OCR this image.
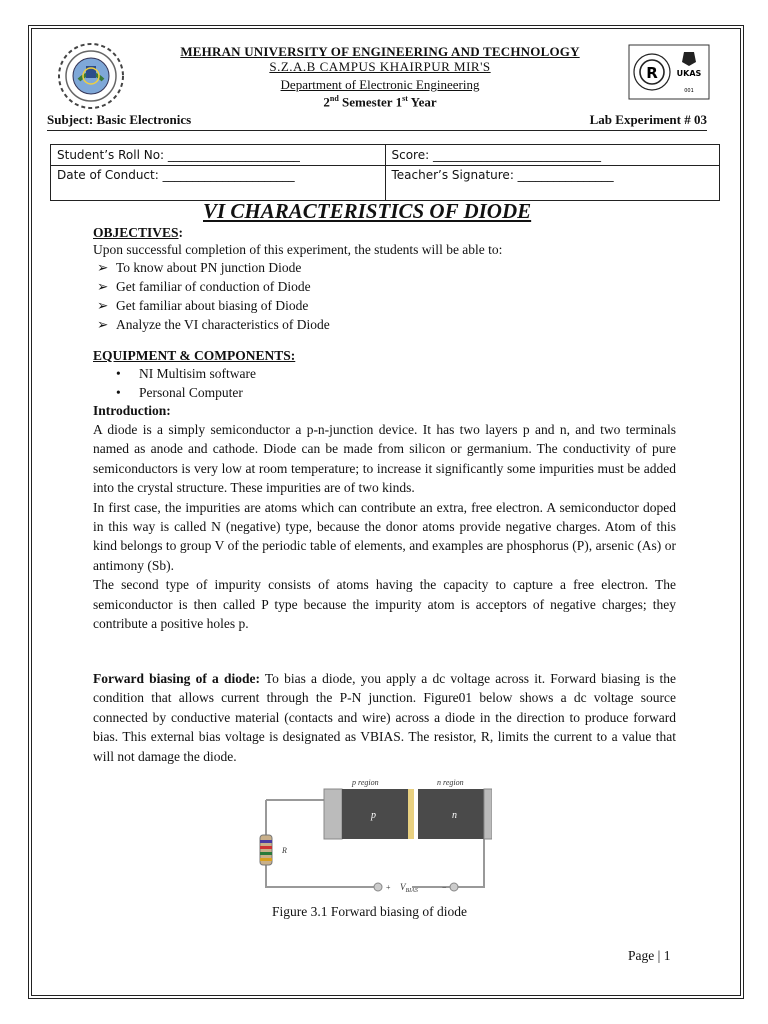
R UKAS
001
MEHRAN UNIVERSITY OF ENGINEERING AND TECHNOLOGY
S.Z.A.B CAMPUS KHAIRPUR MIR'S
Department of Electronic Engineering
2nd Semester 1st Year
Subject: Basic Electronics	Lab Experiment # 03
Student’s Roll No: ______________________	Score: ____________________________
Date of Conduct: ______________________	Teacher’s Signature: ________________
VI CHARACTERISTICS OF DIODE
OBJECTIVES:
Upon successful completion of this experiment, the students will be able to:
➢ To know about PN junction Diode
➢ Get familiar of conduction of Diode
➢ Get familiar about biasing of Diode
➢ Analyze the VI characteristics of Diode
EQUIPMENT & COMPONENTS:
• NI Multisim software
• Personal Computer
Introduction:

A diode is a simply semiconductor a p-n-junction device. It has two layers p and n, and two terminals named as anode and cathode. Diode can be made from silicon or germanium. The conductivity of pure semiconductors is very low at room temperature; to increase it significantly some impurities must be added into the crystal structure. These impurities are of two kinds.

In first case, the impurities are atoms which can contribute an extra, free electron. A semiconductor doped in this way is called N (negative) type, because the donor atoms provide negative charges. Atom of this kind belongs to group V of the periodic table of elements, and examples are phosphorus (P), arsenic (As) or antimony (Sb).

The second type of impurity consists of atoms having the capacity to capture a free electron. The semiconductor is then called P type because the impurity atom is acceptors of negative charges; they contribute a positive holes p.

Forward biasing of a diode: To bias a diode, you apply a dc voltage across it. Forward biasing is the condition that allows current through the P-N junction. Figure01 below shows a dc voltage source connected by conductive material (contacts and wire) across a diode in the direction to produce forward bias. This external bias voltage is designated as VBIAS. The resistor, R, limits the current to a value that will not damage the diode.

R
p region	n region
p	n
+ $V_{BIAS}$	−
Figure 3.1 Forward biasing of diode
Page | 1
